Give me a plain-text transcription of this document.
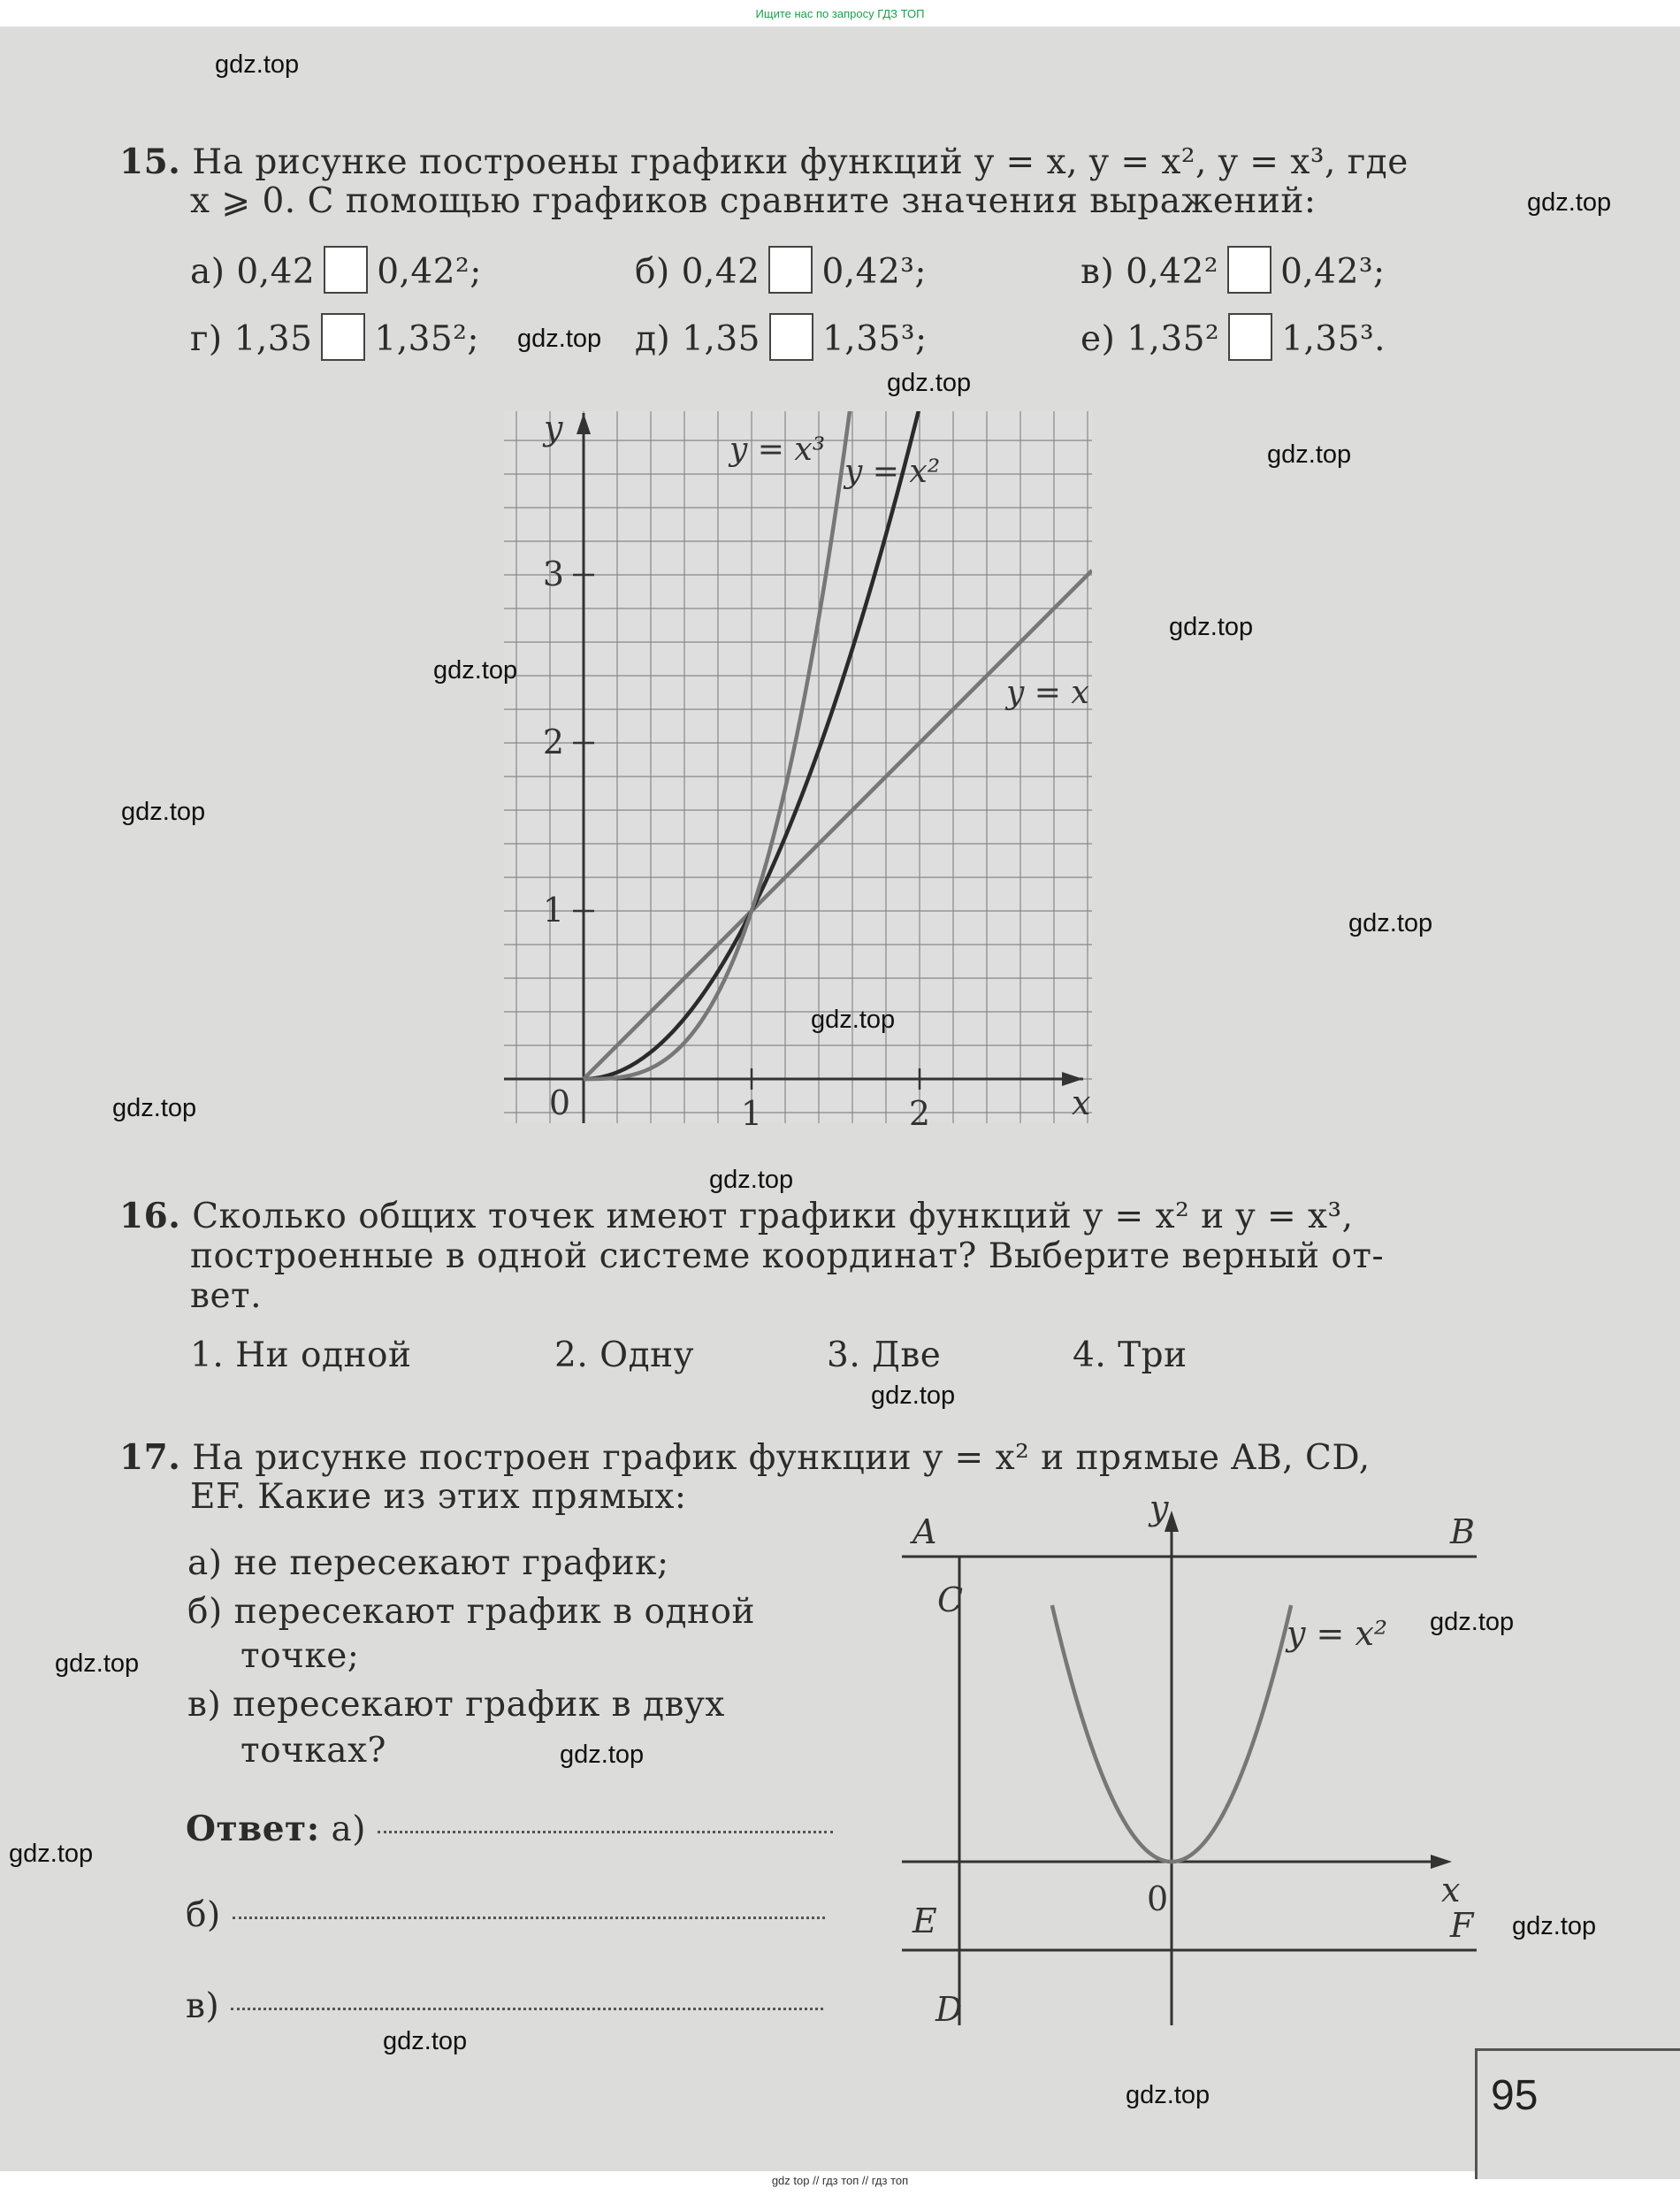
Ищите нас по запросу ГДЗ ТОП
15. На рисунке построены графики функций y = x, y = x², y = x³, где
x ⩾ 0. С помощью графиков сравните значения выражений:
а) 0,42 0,42²;	б) 0,42 0,42³;	в) 0,42² 0,42³;
г) 1,35 1,35²;	д) 1,35 1,35³;	е) 1,35² 1,35³.
1
2
3
0	1	2	x
y
y = x
y = x²
y = x³
16. Сколько общих точек имеют графики функций y = x² и y = x³,
построенные в одной системе координат? Выберите верный от-
вет.
1. Ни одной	2. Одну	3. Две	4. Три
17. На рисунке построен график функции y = x² и прямые AB, CD,
EF. Какие из этих прямых:
а) не пересекают график;
б) пересекают график в одной
точке;
в) пересекают график в двух
точках?
Ответ: а)
б)
в)
A	B
C
D
E	F
y
x
0
y = x²
95
gdz.top
gdz.top
gdz.top
gdz.top
gdz.top
gdz.top
gdz.top
gdz.top
gdz.top
gdz.top
gdz.top
gdz.top
gdz.top
gdz.top
gdz.top
gdz.top
gdz.top
gdz.top
gdz.top
gdz.top
gdz top // гдз топ // гдз топ
